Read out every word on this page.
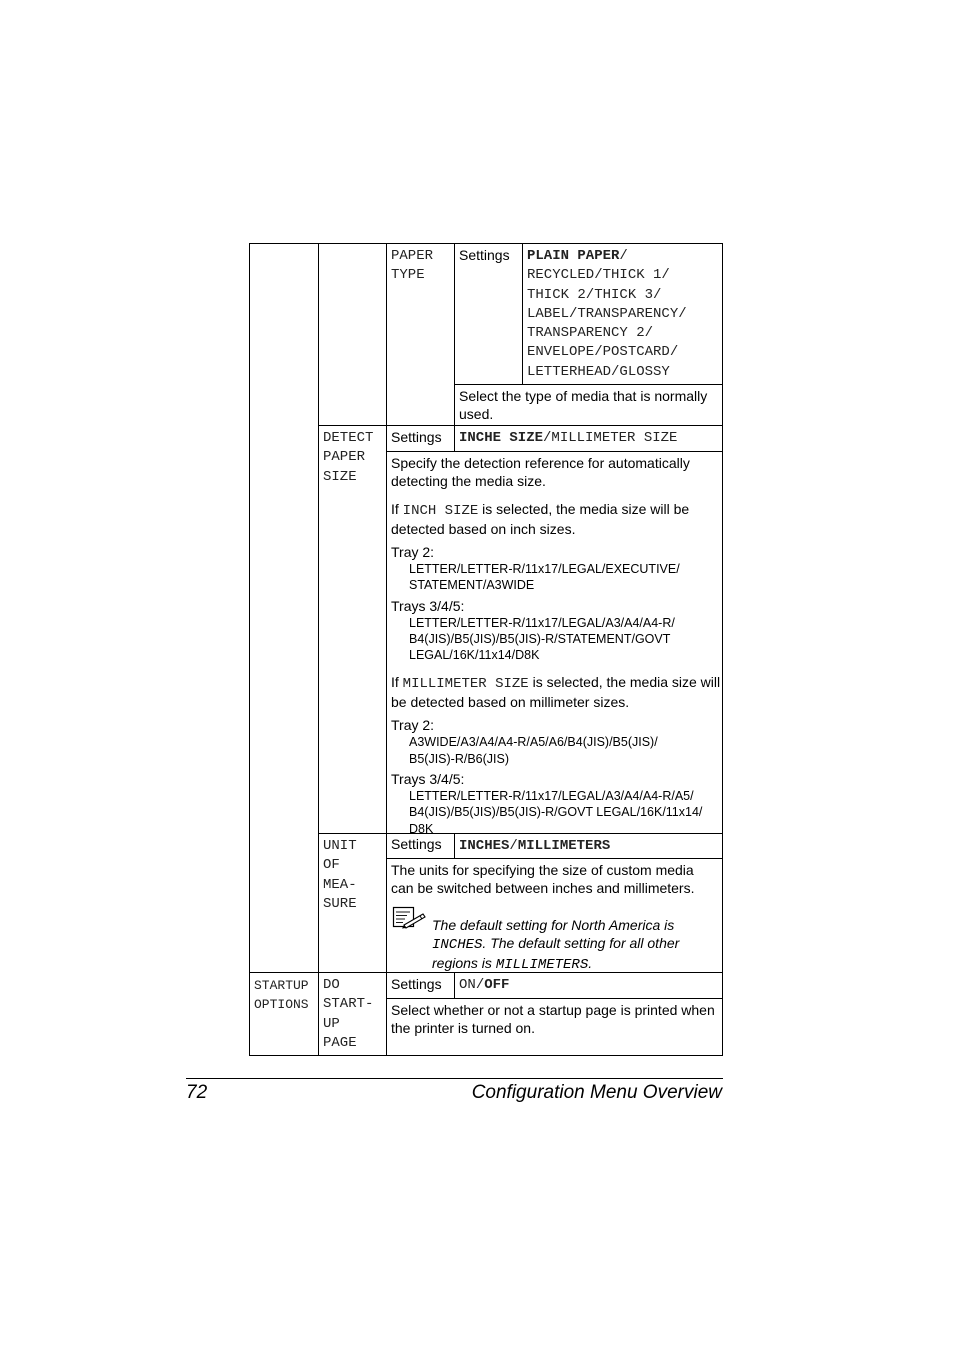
PAPER
TYPE
Settings PLAIN PAPER/
RECYCLED/THICK 1/
THICK 2/THICK 3/
LABEL/TRANSPARENCY/
TRANSPARENCY 2/
ENVELOPE/POSTCARD/
LETTERHEAD/GLOSSY
Select the type of media that is normally used.
DETECT
PAPER
SIZE
Settings INCHE SIZE/MILLIMETER SIZE

Specify the detection reference for automatically detecting the media size.

If INCH SIZE is selected, the media size will be detected based on inch sizes.

Tray 2:
LETTER/LETTER-R/11x17/LEGAL/EXECUTIVE/
STATEMENT/A3WIDE
Trays 3/4/5:
LETTER/LETTER-R/11x17/LEGAL/A3/A4/A4-R/
B4(JIS)/B5(JIS)/B5(JIS)-R/STATEMENT/GOVT
LEGAL/16K/11x14/D8K

If MILLIMETER SIZE is selected, the media size will be detected based on millimeter sizes.

Tray 2:
A3WIDE/A3/A4/A4-R/A5/A6/B4(JIS)/B5(JIS)/
B5(JIS)-R/B6(JIS)
Trays 3/4/5:
LETTER/LETTER-R/11x17/LEGAL/A3/A4/A4-R/A5/
B4(JIS)/B5(JIS)/B5(JIS)-R/GOVT LEGAL/16K/11x14/
D8K
UNIT
OF
MEA-
SURE
Settings INCHES/MILLIMETERS
The units for specifying the size of custom media can be switched between inches and millimeters.
The default setting for North America is
INCHES. The default setting for all other
regions is MILLIMETERS.
STARTUP
OPTIONS
DO
START-
UP
PAGE
Settings ON/OFF
Select whether or not a startup page is printed when the printer is turned on.
72	Configuration Menu Overview
